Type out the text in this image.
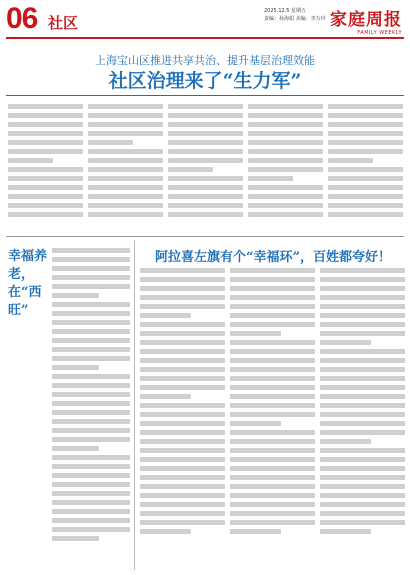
06 社区
2025.12.5 星期五
责编：孙海娟 美编：李万玲 家庭周报
FAMILY WEEKLY
上海宝山区推进共享共治、提升基层治理效能
社区治理来了“生力军”
幸福养老，在“西旺”
阿拉喜左旗有个“幸福环”，百姓都夸好！
